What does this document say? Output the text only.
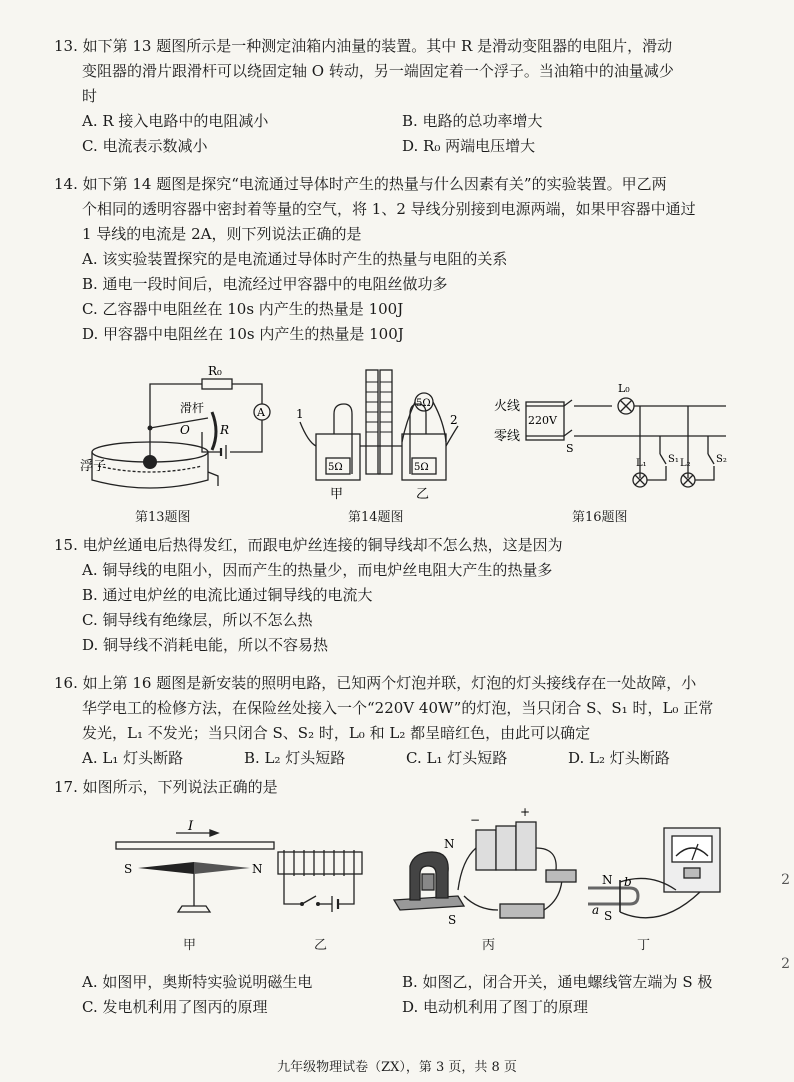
13. 如下第 13 题图所示是一种测定油箱内油量的装置。其中 R 是滑动变阻器的电阻片，滑动
变阻器的滑片跟滑杆可以绕固定轴 O 转动，另一端固定着一个浮子。当油箱中的油量减少
时
A. R 接入电路中的电阻减小	B. 电路的总功率增大
C. 电流表示数减小	D. R₀ 两端电压增大
14. 如下第 14 题图是探究“电流通过导体时产生的热量与什么因素有关”的实验装置。甲乙两
个相同的透明容器中密封着等量的空气，将 1、2 导线分别接到电源两端，如果甲容器中通过
1 导线的电流是 2A，则下列说法正确的是
A. 该实验装置探究的是电流通过导体时产生的热量与电阻的关系
B. 通电一段时间后，电流经过甲容器中的电阻丝做功多
C. 乙容器中电阻丝在 10s 内产生的热量是 100J
D. 甲容器中电阻丝在 10s 内产生的热量是 100J
R₀
滑杆
O	R
A
浮子
第13题图
1	2
5Ω
5Ω	5Ω
甲	乙
第14题图
火线
零线
220V
S
L₀
L₁ S₁ L₂	S₂
第16题图
15. 电炉丝通电后热得发红，而跟电炉丝连接的铜导线却不怎么热，这是因为
A. 铜导线的电阻小，因而产生的热量少，而电炉丝电阻大产生的热量多
B. 通过电炉丝的电流比通过铜导线的电流大
C. 铜导线有绝缘层，所以不怎么热
D. 铜导线不消耗电能，所以不容易热
16. 如上第 16 题图是新安装的照明电路，已知两个灯泡并联，灯泡的灯头接线存在一处故障，小
华学电工的检修方法，在保险丝处接入一个“220V 40W”的灯泡，当只闭合 S、S₁ 时，L₀ 正常
发光，L₁ 不发光；当只闭合 S、S₂ 时，L₀ 和 L₂ 都呈暗红色，由此可以确定
A. L₁ 灯头断路	B. L₂ 灯头短路	C. L₁ 灯头短路	D. L₂ 灯头断路
17. 如图所示，下列说法正确的是
I
S	N
甲	乙
N
S
−
+
丙
N b
a S
丁
A. 如图甲，奥斯特实验说明磁生电	B. 如图乙，闭合开关，通电螺线管左端为 S 极
C. 发电机利用了图丙的原理	D. 电动机利用了图丁的原理
2
2
九年级物理试卷（ZX），第 3 页，共 8 页
